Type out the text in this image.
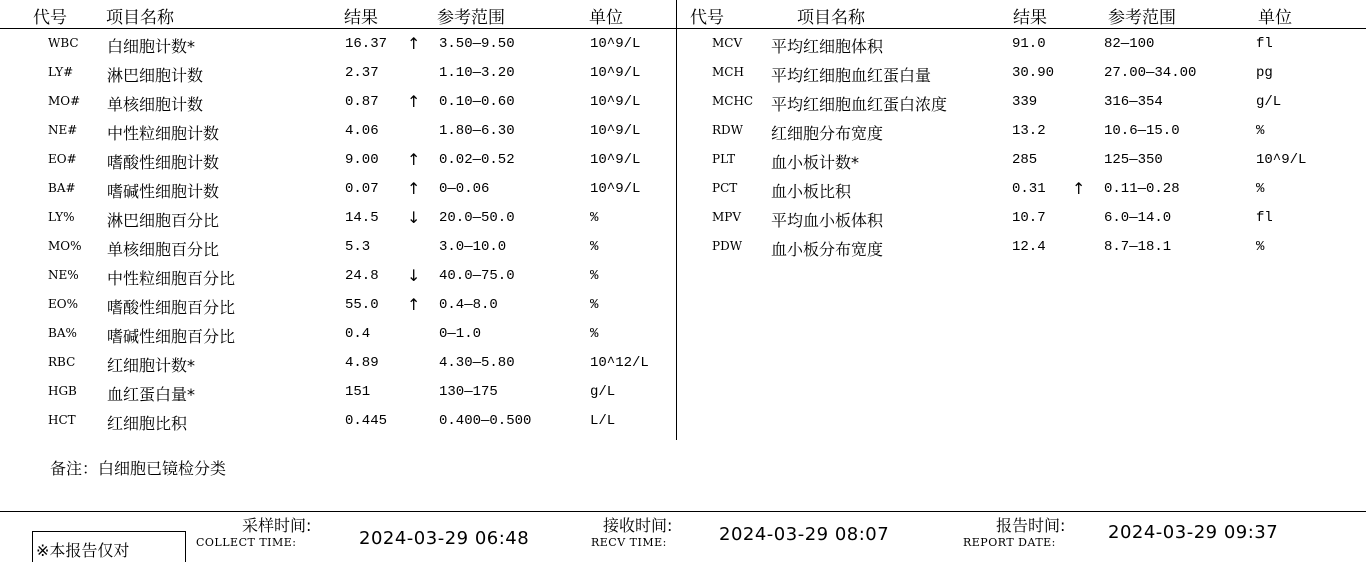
代号 项目名称	结果	参考范围	单位	代号	项目名称	结果	参考范围	单位
WBC 白细胞计数*	16.37 ↑ 3.50—9.50	10^9/L
LY# 淋巴细胞计数	2.37	1.10—3.20	10^9/L
MO# 单核细胞计数	0.87 ↑ 0.10—0.60	10^9/L
NE# 中性粒细胞计数	4.06	1.80—6.30	10^9/L
EO# 嗜酸性细胞计数	9.00 ↑ 0.02—0.52	10^9/L
BA# 嗜碱性细胞计数	0.07 ↑ 0—0.06	10^9/L
LY% 淋巴细胞百分比	14.5 ↓ 20.0—50.0	%
MO% 单核细胞百分比	5.3	3.0—10.0	%
NE% 中性粒细胞百分比	24.8 ↓ 40.0—75.0	%
EO% 嗜酸性细胞百分比	55.0 ↑ 0.4—8.0	%
BA% 嗜碱性细胞百分比	0.4	0—1.0	%
RBC 红细胞计数*	4.89	4.30—5.80	10^12/L
HGB 血红蛋白量*	151	130—175	g/L
HCT 红细胞比积	0.445	0.400—0.500	L/L
MCV 平均红细胞体积	91.0	82—100	fl
MCH 平均红细胞血红蛋白量	30.90	27.00—34.00	pg
MCHC 平均红细胞血红蛋白浓度	339	316—354	g/L
RDW 红细胞分布宽度	13.2	10.6—15.0	%
PLT 血小板计数*	285	125—350	10^9/L
PCT 血小板比积	0.31 ↑ 0.11—0.28	%
MPV 平均血小板体积	10.7	6.0—14.0	fl
PDW 血小板分布宽度	12.4	8.7—18.1	%
备注：白细胞已镜检分类
※本报告仅对
采样时间:
COLLECT TIME:	2024-03-29 06:48
接收时间:
RECV TIME:	2024-03-29 08:07	报告时间:
REPORT DATE:	2024-03-29 09:37
